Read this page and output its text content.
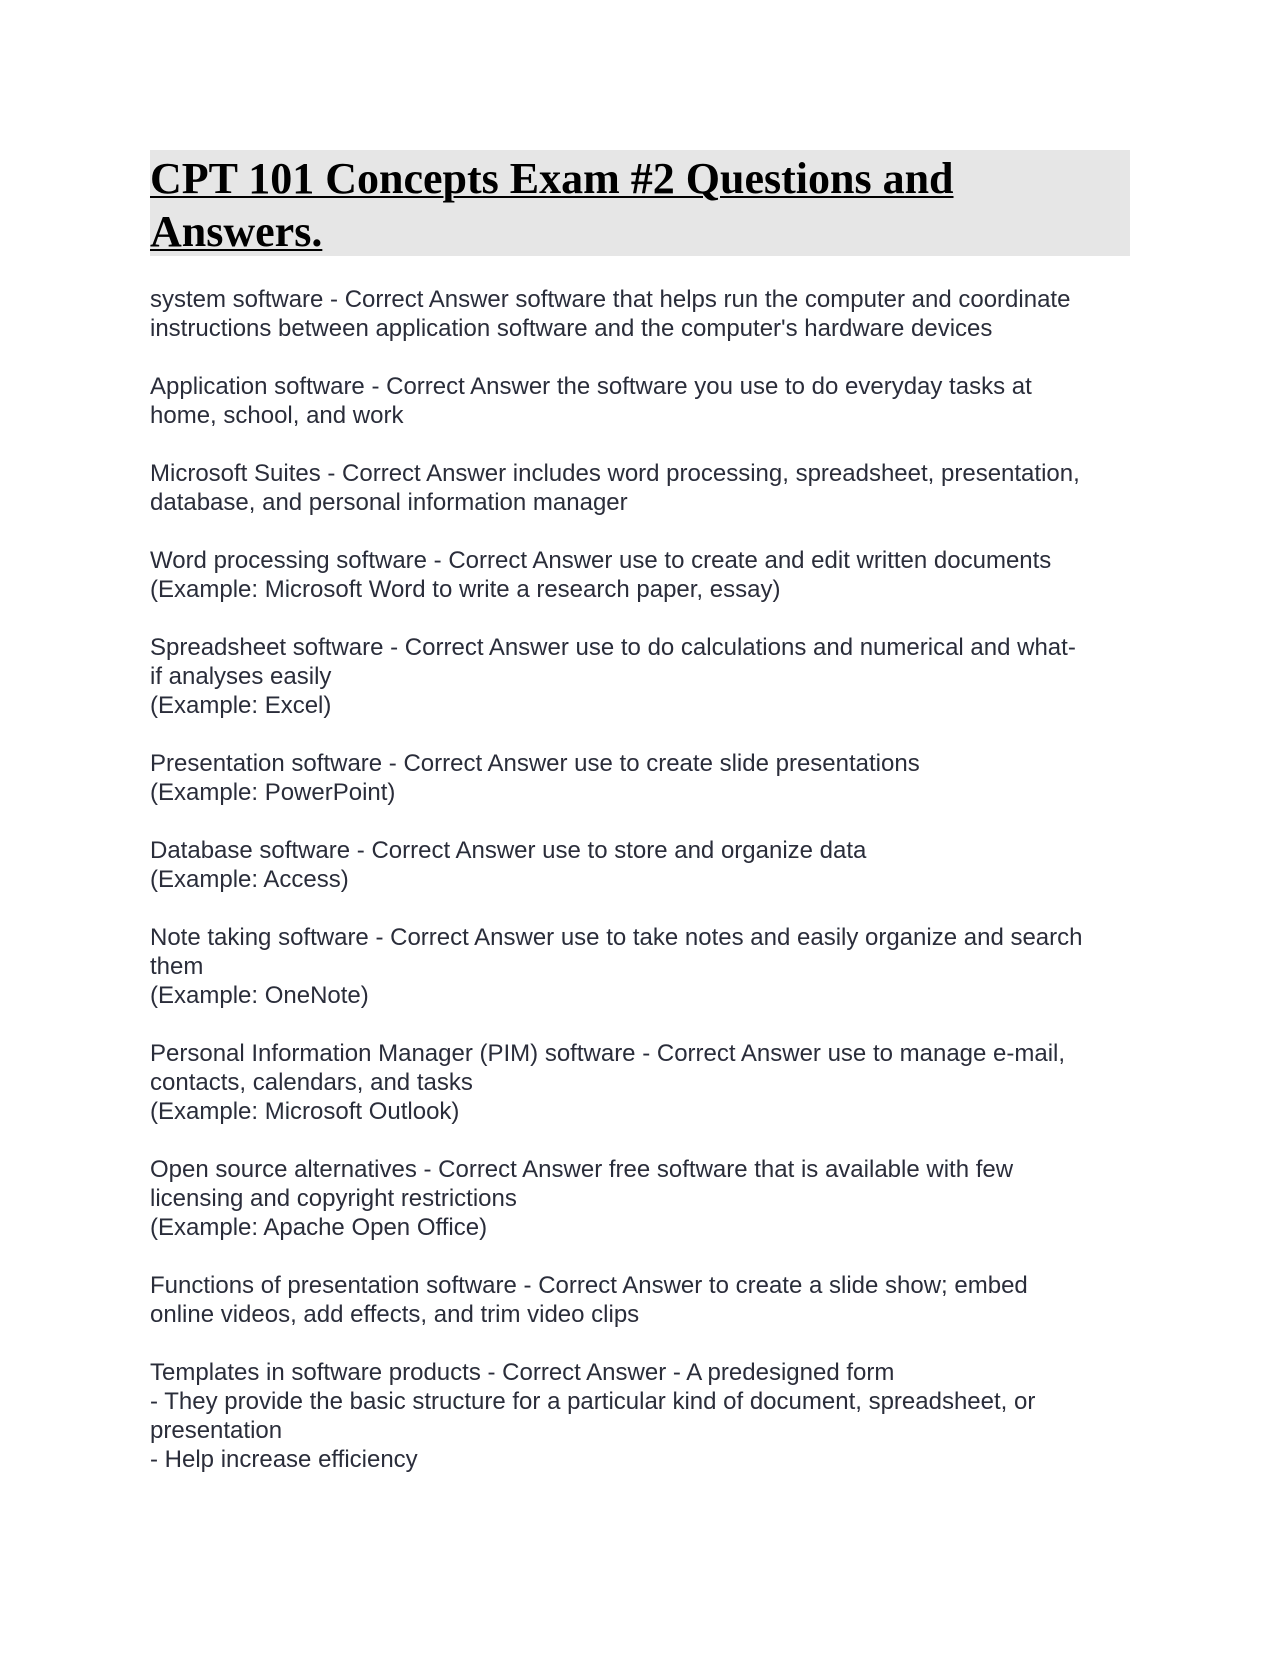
CPT 101 Concepts Exam #2 Questions and
Answers.
system software - Correct Answer software that helps run the computer and coordinate
instructions between application software and the computer's hardware devices
Application software - Correct Answer the software you use to do everyday tasks at
home, school, and work
Microsoft Suites - Correct Answer includes word processing, spreadsheet, presentation,
database, and personal information manager
Word processing software - Correct Answer use to create and edit written documents
(Example: Microsoft Word to write a research paper, essay)
Spreadsheet software - Correct Answer use to do calculations and numerical and what-
if analyses easily
(Example: Excel)
Presentation software - Correct Answer use to create slide presentations
(Example: PowerPoint)
Database software - Correct Answer use to store and organize data
(Example: Access)
Note taking software - Correct Answer use to take notes and easily organize and search
them
(Example: OneNote)
Personal Information Manager (PIM) software - Correct Answer use to manage e-mail,
contacts, calendars, and tasks
(Example: Microsoft Outlook)
Open source alternatives - Correct Answer free software that is available with few
licensing and copyright restrictions
(Example: Apache Open Office)
Functions of presentation software - Correct Answer to create a slide show; embed
online videos, add effects, and trim video clips
Templates in software products - Correct Answer - A predesigned form
- They provide the basic structure for a particular kind of document, spreadsheet, or
presentation
- Help increase efficiency
